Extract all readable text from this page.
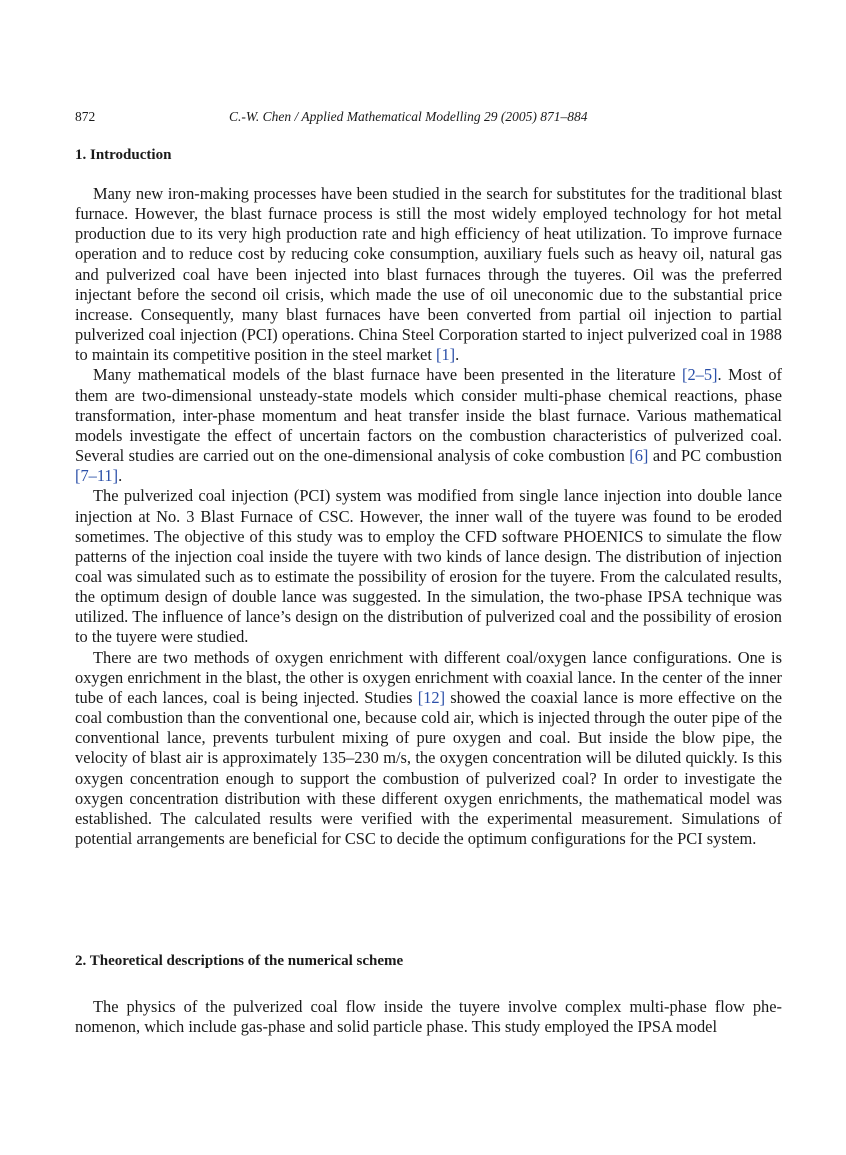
872	C.-W. Chen / Applied Mathematical Modelling 29 (2005) 871–884
1. Introduction

Many new iron-making processes have been studied in the search for substitutes for the traditional blast furnace. However, the blast furnace process is still the most widely employed technology for hot metal production due to its very high production rate and high efficiency of heat utilization. To improve furnace operation and to reduce cost by reducing coke consumption, auxiliary fuels such as heavy oil, natural gas and pulverized coal have been injected into blast furnaces through the tuyeres. Oil was the preferred injectant before the second oil crisis, which made the use of oil uneconomic due to the substantial price increase. Consequently, many blast furnaces have been converted from partial oil injection to partial pulverized coal injection (PCI) operations. China Steel Corporation started to inject pulverized coal in 1988 to maintain its competitive position in the steel market [1].

Many mathematical models of the blast furnace have been presented in the literature [2–5]. Most of them are two-dimensional unsteady-state models which consider multi-phase chemical reactions, phase transformation, inter-phase momentum and heat transfer inside the blast furnace. Various mathematical models investigate the effect of uncertain factors on the combustion characteristics of pulverized coal. Several studies are carried out on the one-dimensional analysis of coke combustion [6] and PC combustion [7–11].

The pulverized coal injection (PCI) system was modified from single lance injection into double lance injection at No. 3 Blast Furnace of CSC. However, the inner wall of the tuyere was found to be eroded sometimes. The objective of this study was to employ the CFD software PHOENICS to simulate the flow patterns of the injection coal inside the tuyere with two kinds of lance design. The distribution of injection coal was simulated such as to estimate the possibility of erosion for the tuyere. From the calculated results, the optimum design of double lance was suggested. In the simulation, the two-phase IPSA technique was utilized. The influence of lance’s design on the distribution of pulverized coal and the possibility of erosion to the tuyere were studied.

There are two methods of oxygen enrichment with different coal/oxygen lance configurations. One is oxygen enrichment in the blast, the other is oxygen enrichment with coaxial lance. In the center of the inner tube of each lances, coal is being injected. Studies [12] showed the coaxial lance is more effective on the coal combustion than the conventional one, because cold air, which is injected through the outer pipe of the conventional lance, prevents turbulent mixing of pure oxygen and coal. But inside the blow pipe, the velocity of blast air is approximately 135–230 m/s, the oxygen concentration will be diluted quickly. Is this oxygen concentration enough to support the combustion of pulverized coal? In order to investigate the oxygen concentration distribution with these different oxygen enrichments, the mathematical model was established. The calculated results were verified with the experimental measurement. Simulations of potential arrangements are beneficial for CSC to decide the optimum configurations for the PCI system.

2. Theoretical descriptions of the numerical scheme

The physics of the pulverized coal flow inside the tuyere involve complex multi-phase flow phenomenon, which include gas-phase and solid particle phase. This study employed the IPSA model
